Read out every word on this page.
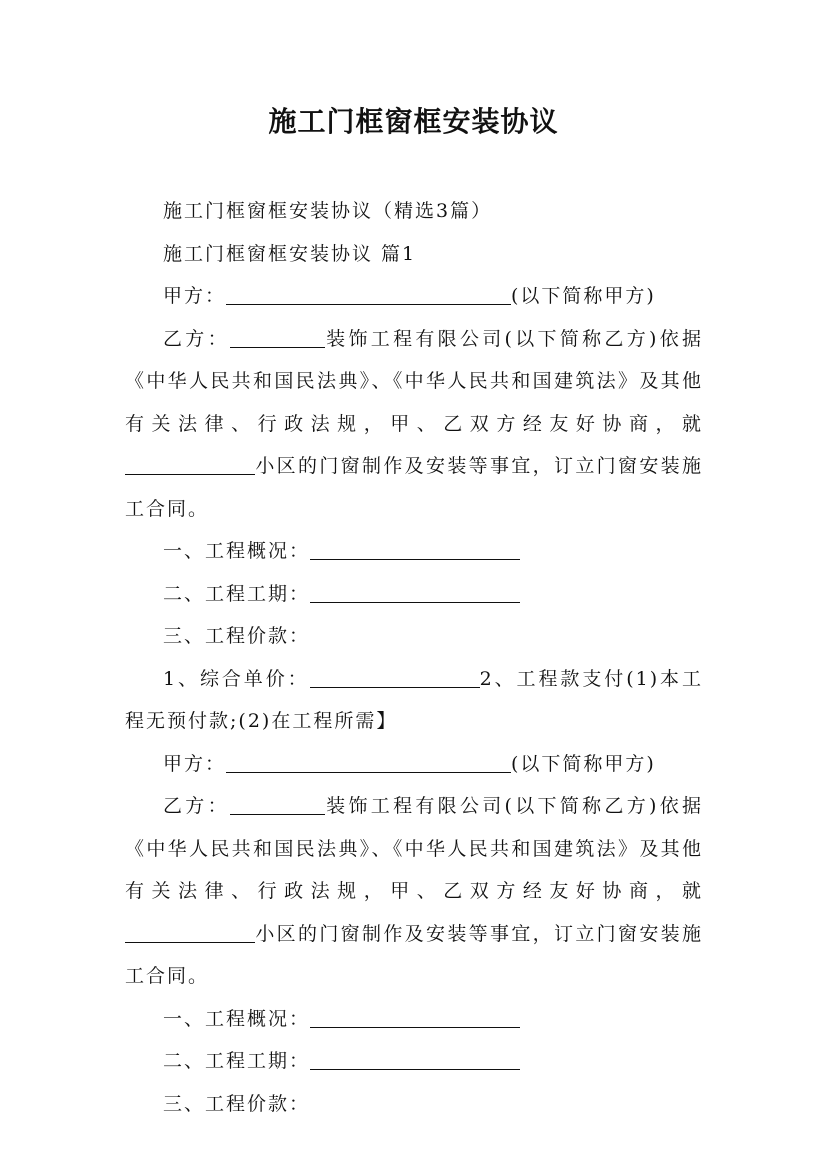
施工门框窗框安装协议

施工门框窗框安装协议（精选3篇）

施工门框窗框安装协议 篇1

甲方：	(以下简称甲方)

乙方：	装饰工程有限公司(以下简称乙方)依据《中华人民共和国民法典》、《中华人民共和国建筑法》及其他有关法律、行政法规，甲、乙双方经友好协商，就小区的门窗制作及安装等事宜，订立门窗安装施工合同。

一、工程概况：

二、工程工期：

三、工程价款：

1、综合单价：	2、工程款支付(1)本工程无预付款;(2)在工程所需】

甲方：	(以下简称甲方)

乙方：	装饰工程有限公司(以下简称乙方)依据《中华人民共和国民法典》、《中华人民共和国建筑法》及其他有关法律、行政法规，甲、乙双方经友好协商，就小区的门窗制作及安装等事宜，订立门窗安装施工合同。

一、工程概况：

二、工程工期：

三、工程价款：
